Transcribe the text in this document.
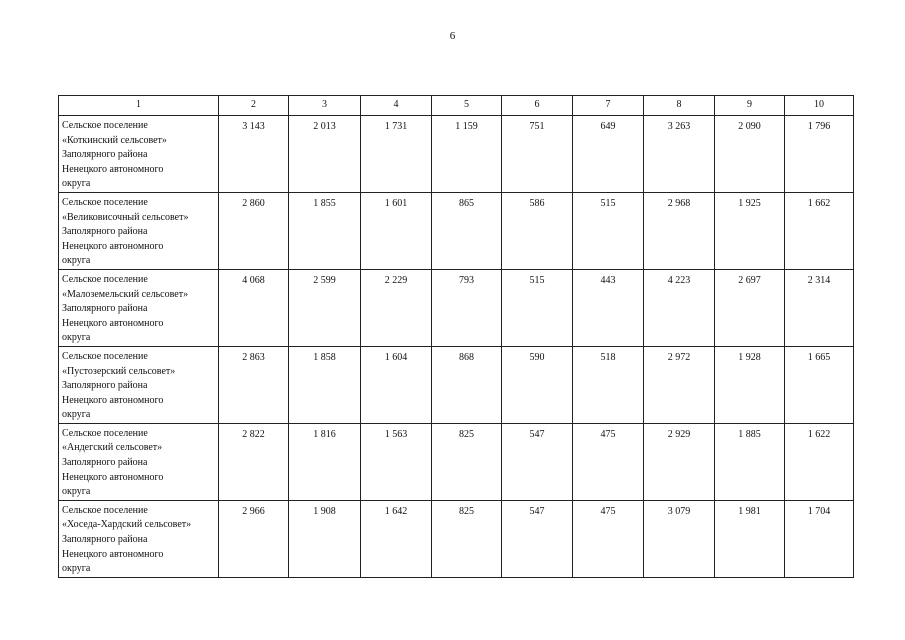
6
1	2	3	4	5	6	7	8	9	10

Сельское поселение
«Коткинский сельсовет»
Заполярного района
Ненецкого автономного
округа	3 143	2 013	1 731	1 159	751	649	3 263	2 090	1 796

Сельское поселение
«Великовисочный сельсовет»
Заполярного района
Ненецкого автономного
округа	2 860	1 855	1 601	865	586	515	2 968	1 925	1 662

Сельское поселение
«Малоземельский сельсовет»
Заполярного района
Ненецкого автономного
округа	4 068	2 599	2 229	793	515	443	4 223	2 697	2 314

Сельское поселение
«Пустозерский сельсовет»
Заполярного района
Ненецкого автономного
округа	2 863	1 858	1 604	868	590	518	2 972	1 928	1 665

Сельское поселение
«Андегский сельсовет»
Заполярного района
Ненецкого автономного
округа	2 822	1 816	1 563	825	547	475	2 929	1 885	1 622

Сельское поселение
«Хоседа-Хардский сельсовет»
Заполярного района
Ненецкого автономного
округа	2 966	1 908	1 642	825	547	475	3 079	1 981	1 704
